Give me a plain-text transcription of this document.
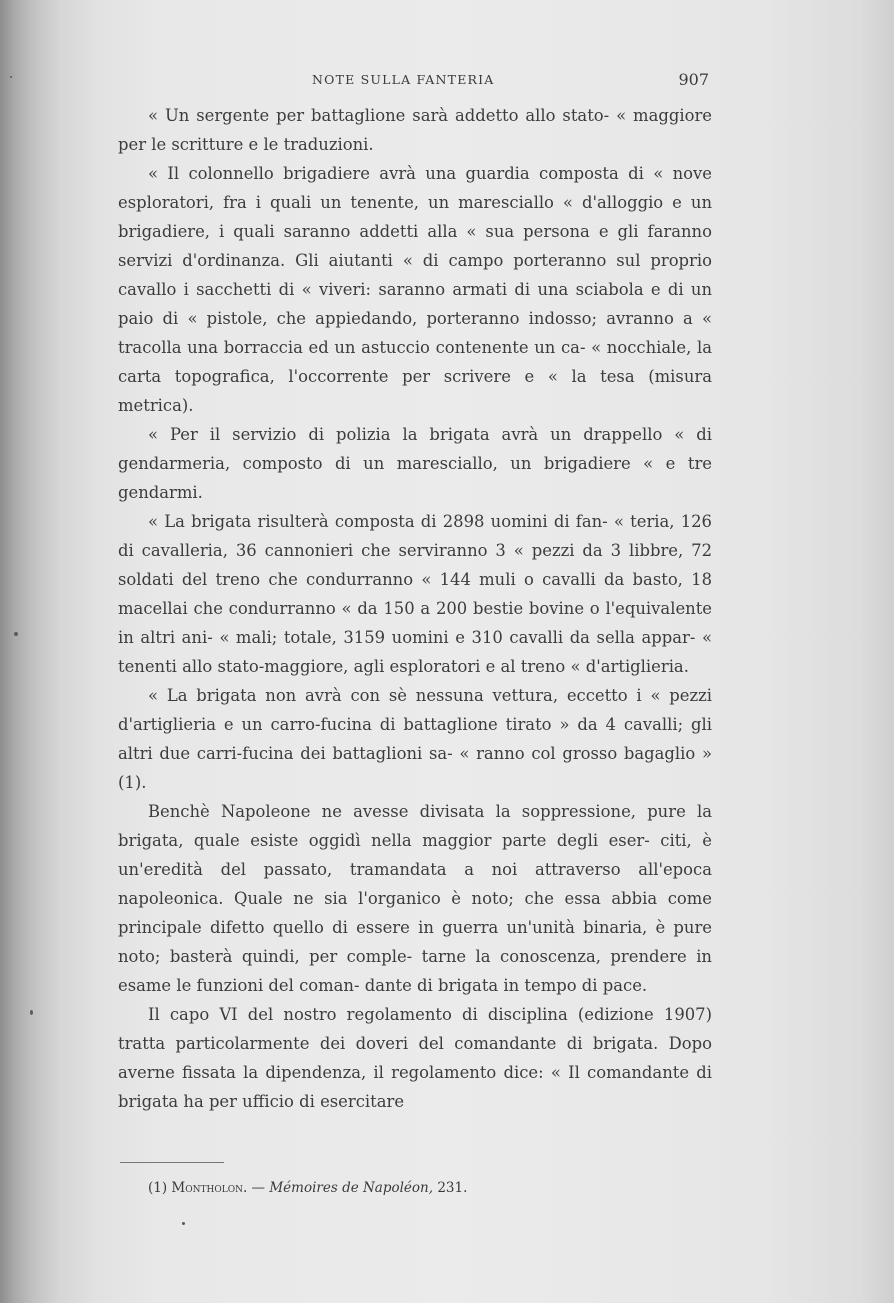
NOTE SULLA FANTERIA	907

« Un sergente per battaglione sarà addetto allo stato- « maggiore per le scritture e le traduzioni.

« Il colonnello brigadiere avrà una guardia composta di « nove esploratori, fra i quali un tenente, un maresciallo « d'alloggio e un brigadiere, i quali saranno addetti alla « sua persona e gli faranno servizi d'ordinanza. Gli aiutanti « di campo porteranno sul proprio cavallo i sacchetti di « viveri: saranno armati di una sciabola e di un paio di « pistole, che appiedando, porteranno indosso; avranno a « tracolla una borraccia ed un astuccio contenente un ca- « nocchiale, la carta topografica, l'occorrente per scrivere e « la tesa (misura metrica).

« Per il servizio di polizia la brigata avrà un drappello « di gendarmeria, composto di un maresciallo, un brigadiere « e tre gendarmi.

« La brigata risulterà composta di 2898 uomini di fan- « teria, 126 di cavalleria, 36 cannonieri che serviranno 3 « pezzi da 3 libbre, 72 soldati del treno che condurranno « 144 muli o cavalli da basto, 18 macellai che condurranno « da 150 a 200 bestie bovine o l'equivalente in altri ani- « mali; totale, 3159 uomini e 310 cavalli da sella appar- « tenenti allo stato-maggiore, agli esploratori e al treno « d'artiglieria.

« La brigata non avrà con sè nessuna vettura, eccetto i « pezzi d'artiglieria e un carro-fucina di battaglione tirato » da 4 cavalli; gli altri due carri-fucina dei battaglioni sa- « ranno col grosso bagaglio » (1).

Benchè Napoleone ne avesse divisata la soppressione, pure la brigata, quale esiste oggidì nella maggior parte degli eser- citi, è un'eredità del passato, tramandata a noi attraverso all'epoca napoleonica. Quale ne sia l'organico è noto; che essa abbia come principale difetto quello di essere in guerra un'unità binaria, è pure noto; basterà quindi, per comple- tarne la conoscenza, prendere in esame le funzioni del coman- dante di brigata in tempo di pace.

Il capo VI del nostro regolamento di disciplina (edizione 1907) tratta particolarmente dei doveri del comandante di brigata. Dopo averne fissata la dipendenza, il regolamento dice: « Il comandante di brigata ha per ufficio di esercitare

(1) Montholon. — Mémoires de Napoléon, 231.
